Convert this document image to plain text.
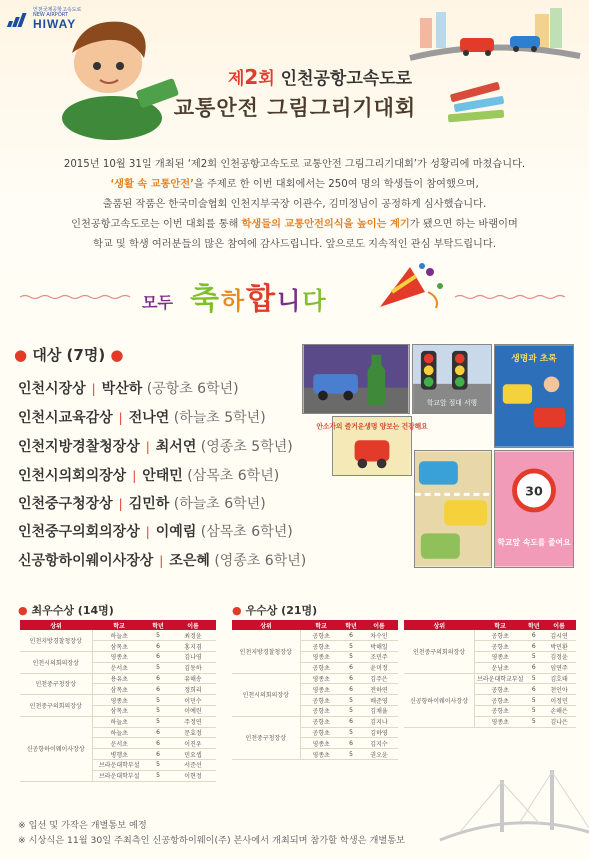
인천국제공항고속도로
NEW AIRPORT
HIWAY
제2회 인천공항고속도로
교통안전 그림그리기대회
2015년 10월 31일 개최된 ‘제2회 인천공항고속도로 교통안전 그림그리기대회’가 성황리에 마쳤습니다.
‘생활 속 교통안전’을 주제로 한 이번 대회에서는 250여 명의 학생들이 참여했으며,
출품된 작품은 한국미술협회 인천지부국장 이관수, 김미정님이 공정하게 심사했습니다.
인천공항고속도로는 이번 대회를 통해 학생들의 교통안전의식을 높이는 계기가 됐으면 하는 바램이며
학교 및 학생 여러분들의 많은 참여에 감사드립니다. 앞으로도 지속적인 관심 부탁드립니다.
모두 축하합니다
● 대상 (7명) ●
인천시장상 | 박산하 (공항초 6학년)
인천시교육감상 | 전나연 (하늘초 5학년)
인천지방경찰청장상 | 최서연 (영종초 5학년)
인천시의회의장상 | 안태민 (삼목초 6학년)
인천중구청장상 | 김민하 (하늘초 6학년)
인천중구의회의장상 | 이예림 (삼목초 6학년)
신공항하이웨이사장상 | 조은혜 (영종초 6학년)
학교앞 절대 서행
생명과 초록
안소가의 즐거운생명 양보는 건강해요
30
학교앞 속도를 줄여요
● 최우수상 (14명)
상위	학교	학년	이름
인천지방경찰청장상	하늘초	5	최정윤
	삼목초	6	홍지겸
인천시의회의장상	영종초	6	김나영
	운서초	5	김동하
인천중구청장상	용유초	6	유해송
	삼목초	6	정희리
인천중구의회의장상	영종초	5	이민수
	삼목초	5	이예린
신공항하이웨이사장상	하늘초	5	주정연
	하늘초	6	문효정
	운서초	6	이진우
	병행초	6	민요셉
	브라운대학부설	5	서준선
	브라운대학부설	5	이현정
● 우수상 (21명)
상위	학교	학년	이름
인천지방경찰청장상	공항초	6	차수인
	공항초	5	박해일
	영종초	5	조민주
	공항초	6	윤미정
인천시의회의장상	영종초	6	김주은
	영종초	6	전하연
	공항초	5	배준영
	공항초	5	김채율
인천중구청장상	공항초	6	김지나
	공항초	5	김하영
	영종초	6	김지수
	영종초	5	권오윤
상위	학교	학년	이름
인천중구의회의장상	공항초	6	김시연
	공항초	6	박민환
	영종초	5	김정윤
	운남초	6	임연주
신공항하이웨이사장상	브라운대학교부설	5	김호태
	공항초	6	천인아
	공항초	5	이정민
	공항초	5	손해은
	영종초	5	김나은
※ 입선 및 가작은 개별통보 예정
※ 시상식은 11월 30일 주최측인 신공항하이웨이(주) 본사에서 개최되며 참가할 학생은 개별통보
